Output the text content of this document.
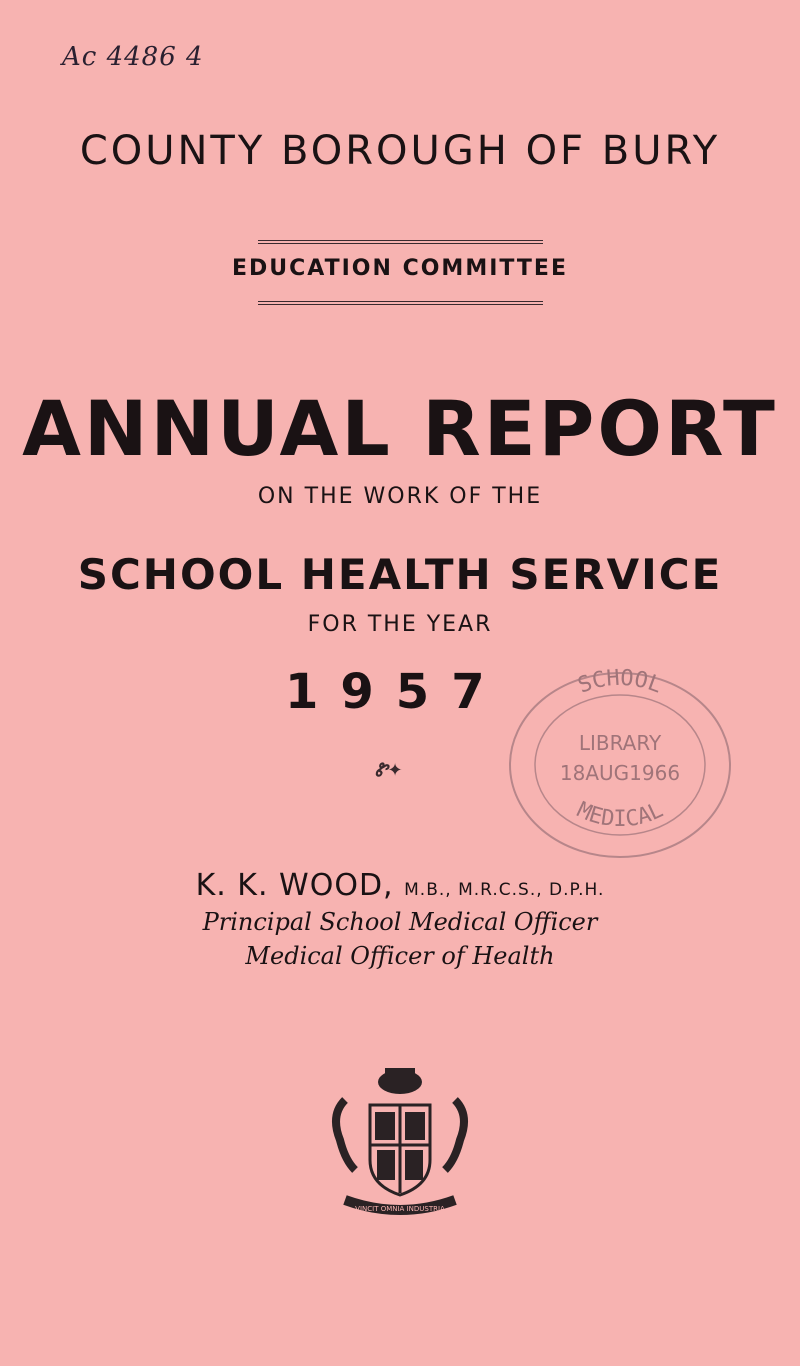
Ac 4486 4
COUNTY BOROUGH OF BURY
EDUCATION COMMITTEE
ANNUAL REPORT
ON THE WORK OF THE
SCHOOL HEALTH SERVICE
FOR THE YEAR
1957
Ꮡ✦
SCHOOL
MEDICAL
LIBRARY
18AUG1966
K. K. WOOD, M.B., M.R.C.S., D.P.H.
Principal School Medical Officer
Medical Officer of Health
VINCIT OMNIA INDUSTRIA
